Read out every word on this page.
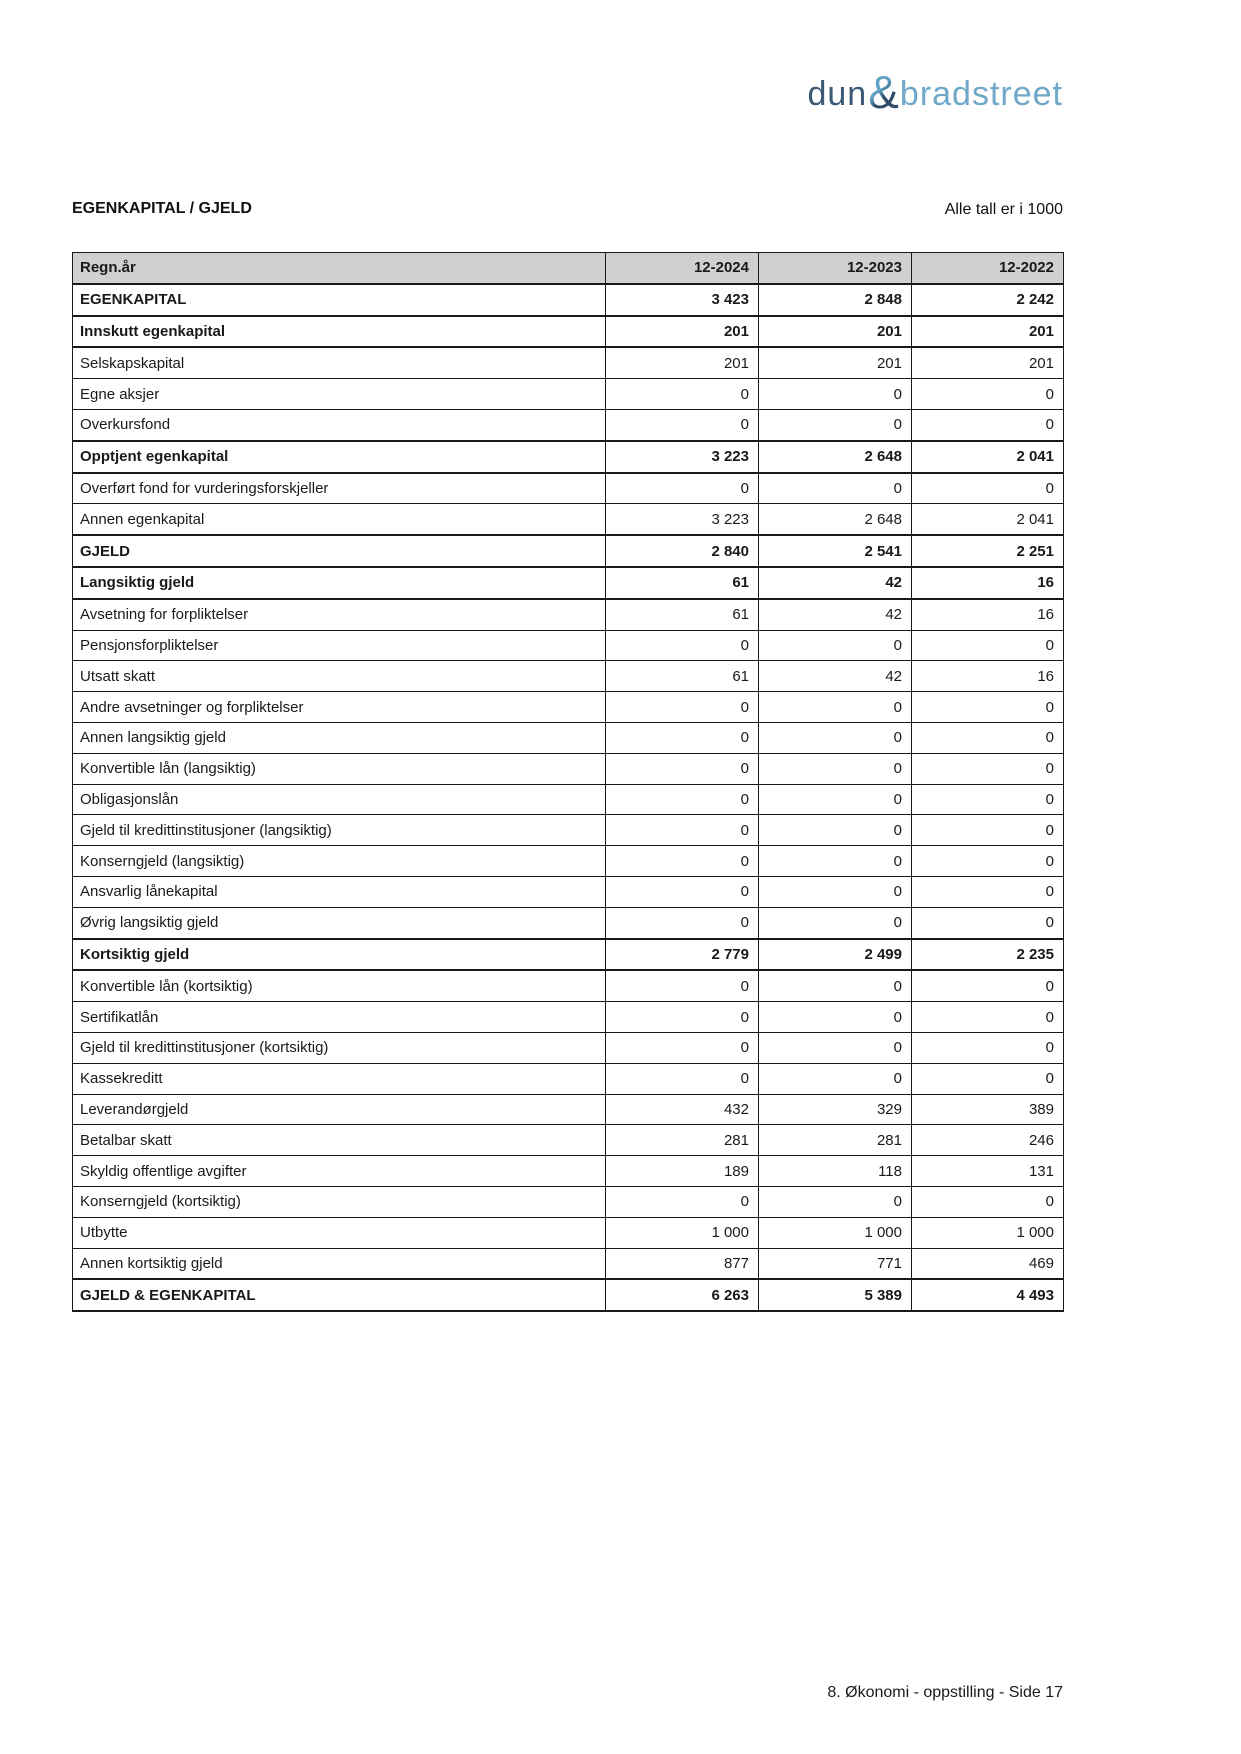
dun & bradstreet
EGENKAPITAL / GJELD	Alle tall er i 1000
Regn.år	12-2024	12-2023	12-2022
EGENKAPITAL	3 423	2 848	2 242
Innskutt egenkapital	201	201	201
Selskapskapital	201	201	201
Egne aksjer	0	0	0
Overkursfond	0	0	0
Opptjent egenkapital	3 223	2 648	2 041
Overført fond for vurderingsforskjeller	0	0	0
Annen egenkapital	3 223	2 648	2 041
GJELD	2 840	2 541	2 251
Langsiktig gjeld	61	42	16
Avsetning for forpliktelser	61	42	16
Pensjonsforpliktelser	0	0	0
Utsatt skatt	61	42	16
Andre avsetninger og forpliktelser	0	0	0
Annen langsiktig gjeld	0	0	0
Konvertible lån (langsiktig)	0	0	0
Obligasjonslån	0	0	0
Gjeld til kredittinstitusjoner (langsiktig)	0	0	0
Konserngjeld (langsiktig)	0	0	0
Ansvarlig lånekapital	0	0	0
Øvrig langsiktig gjeld	0	0	0
Kortsiktig gjeld	2 779	2 499	2 235
Konvertible lån (kortsiktig)	0	0	0
Sertifikatlån	0	0	0
Gjeld til kredittinstitusjoner (kortsiktig)	0	0	0
Kassekreditt	0	0	0
Leverandørgjeld	432	329	389
Betalbar skatt	281	281	246
Skyldig offentlige avgifter	189	118	131
Konserngjeld (kortsiktig)	0	0	0
Utbytte	1 000	1 000	1 000
Annen kortsiktig gjeld	877	771	469
GJELD & EGENKAPITAL	6 263	5 389	4 493
8. Økonomi - oppstilling - Side 17
